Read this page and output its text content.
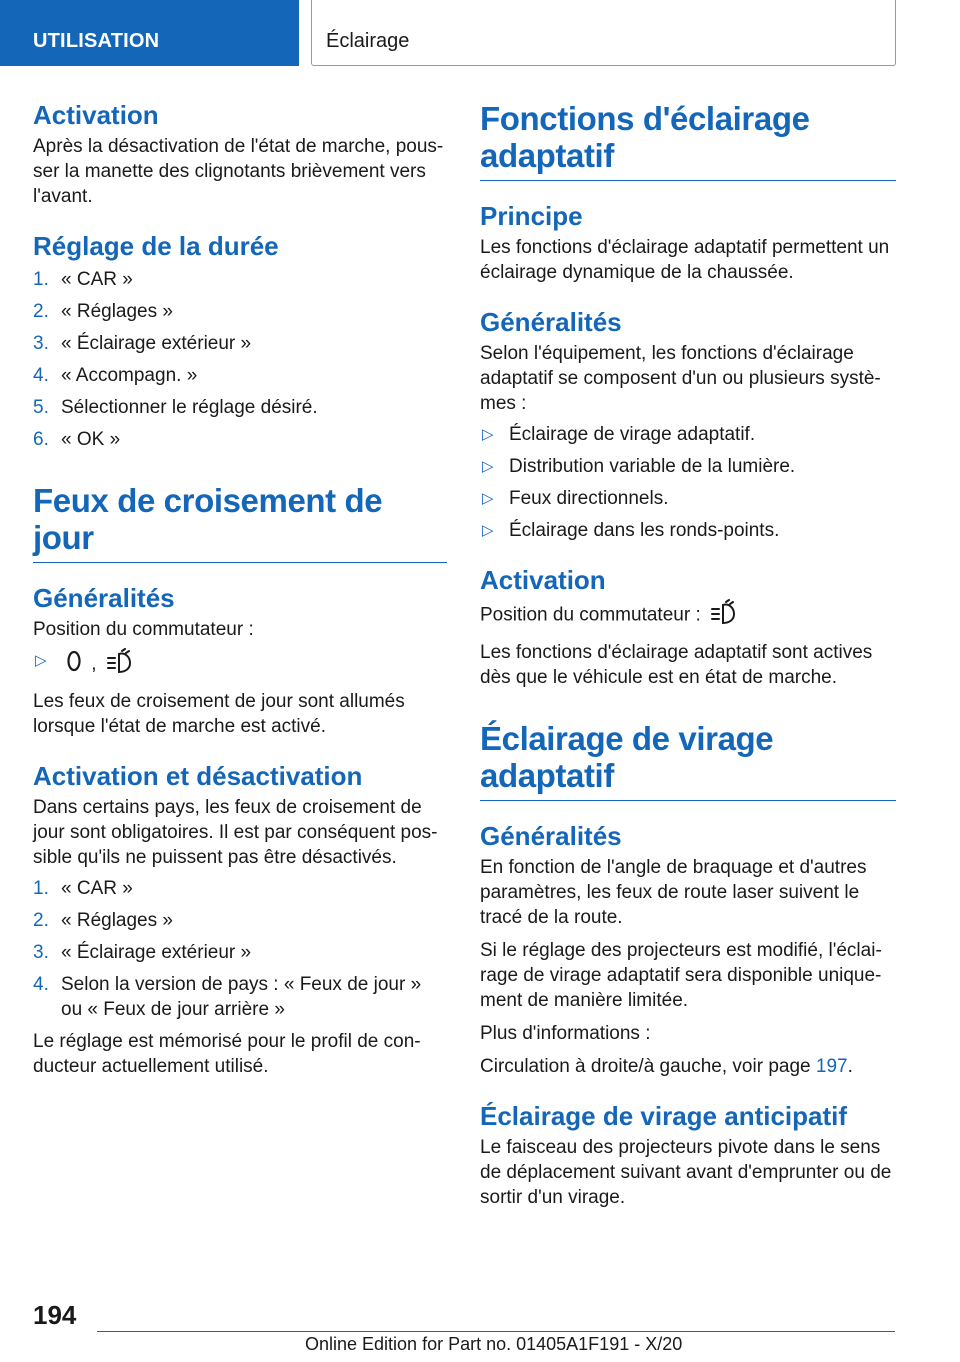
UTILISATION	Éclairage
Activation
Après la désactivation de l'état de marche, pous-ser la manette des clignotants brièvement vers l'avant.
Réglage de la durée
1. « CAR »
2. « Réglages »
3. « Éclairage extérieur »
4. « Accompagn. »
5. Sélectionner le réglage désiré.
6. « OK »
Feux de croisement de jour
Généralités
Position du commutateur :
▷ ,
Les feux de croisement de jour sont allumés lorsque l'état de marche est activé.
Activation et désactivation
Dans certains pays, les feux de croisement de jour sont obligatoires. Il est par conséquent pos-sible qu'ils ne puissent pas être désactivés.
1. « CAR »
2. « Réglages »
3. « Éclairage extérieur »
4. Selon la version de pays : « Feux de jour » ou « Feux de jour arrière »
Le réglage est mémorisé pour le profil de con-ducteur actuellement utilisé.
Fonctions d'éclairage adaptatif
Principe
Les fonctions d'éclairage adaptatif permettent un éclairage dynamique de la chaussée.
Généralités
Selon l'équipement, les fonctions d'éclairage adaptatif se composent d'un ou plusieurs systè-mes :
▷ Éclairage de virage adaptatif.
▷ Distribution variable de la lumière.
▷ Feux directionnels.
▷ Éclairage dans les ronds-points.
Activation
Position du commutateur :
Les fonctions d'éclairage adaptatif sont actives dès que le véhicule est en état de marche.
Éclairage de virage adaptatif
Généralités
En fonction de l'angle de braquage et d'autres paramètres, les feux de route laser suivent le tracé de la route.
Si le réglage des projecteurs est modifié, l'éclai-rage de virage adaptatif sera disponible unique-ment de manière limitée.
Plus d'informations :
Circulation à droite/à gauche, voir page 197.
Éclairage de virage anticipatif
Le faisceau des projecteurs pivote dans le sens de déplacement suivant avant d'emprunter ou de sortir d'un virage.
194
Online Edition for Part no. 01405A1F191 - X/20
